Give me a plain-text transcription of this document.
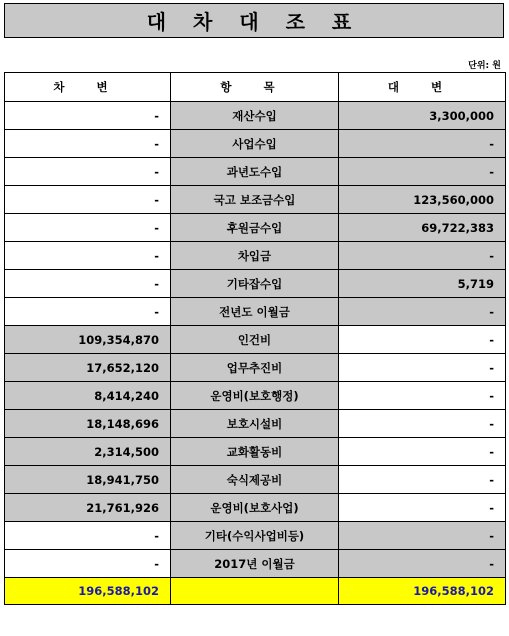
대 차 대 조 표
단위: 원
차 변	항 목	대 변
-	재산수입	3,300,000
-	사업수입	-
-	과년도수입	-
-	국고 보조금수입	123,560,000
-	후원금수입	69,722,383
-	차입금	-
-	기타잡수입	5,719
-	전년도 이월금	-
109,354,870	인건비	-
17,652,120	업무추진비	-
8,414,240	운영비(보호행정)	-
18,148,696	보호시설비	-
2,314,500	교화활동비	-
18,941,750	숙식제공비	-
21,761,926	운영비(보호사업)	-
-	기타(수익사업비등)	-
-	2017년 이월금	-
196,588,102		196,588,102
